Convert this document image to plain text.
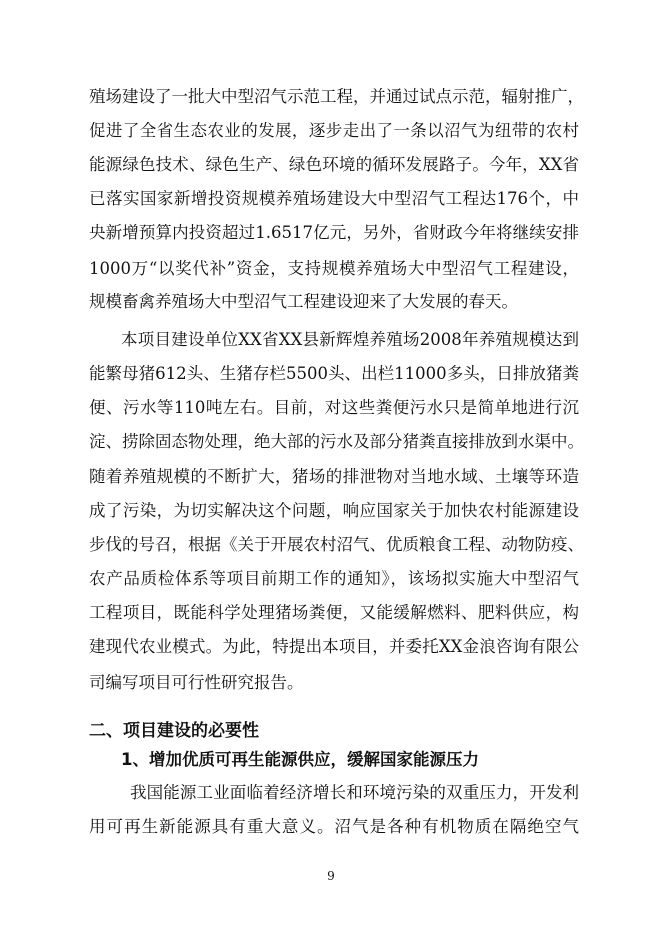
殖场建设了一批大中型沼气示范工程，并通过试点示范，辐射推广，
促进了全省生态农业的发展，逐步走出了一条以沼气为纽带的农村
能源绿色技术、绿色生产、绿色环境的循环发展路子。今年，XX省
已落实国家新增投资规模养殖场建设大中型沼气工程达176个，中
央新增预算内投资超过1.6517亿元，另外，省财政今年将继续安排
1000万“以奖代补”资金，支持规模养殖场大中型沼气工程建设，
规模畜禽养殖场大中型沼气工程建设迎来了大发展的春天。
本项目建设单位XX省XX县新辉煌养殖场2008年养殖规模达到
能繁母猪612头、生猪存栏5500头、出栏11000多头，日排放猪粪
便、污水等110吨左右。目前，对这些粪便污水只是简单地进行沉
淀、捞除固态物处理，绝大部的污水及部分猪粪直接排放到水渠中。
随着养殖规模的不断扩大，猪场的排泄物对当地水域、土壤等环造
成了污染，为切实解决这个问题，响应国家关于加快农村能源建设
步伐的号召，根据《关于开展农村沼气、优质粮食工程、动物防疫、
农产品质检体系等项目前期工作的通知》，该场拟实施大中型沼气
工程项目，既能科学处理猪场粪便，又能缓解燃料、肥料供应，构
建现代农业模式。为此，特提出本项目，并委托XX金浪咨询有限公
司编写项目可行性研究报告。
二、项目建设的必要性
1、增加优质可再生能源供应，缓解国家能源压力
我国能源工业面临着经济增长和环境污染的双重压力，开发利
用可再生新能源具有重大意义。沼气是各种有机物质在隔绝空气
9
